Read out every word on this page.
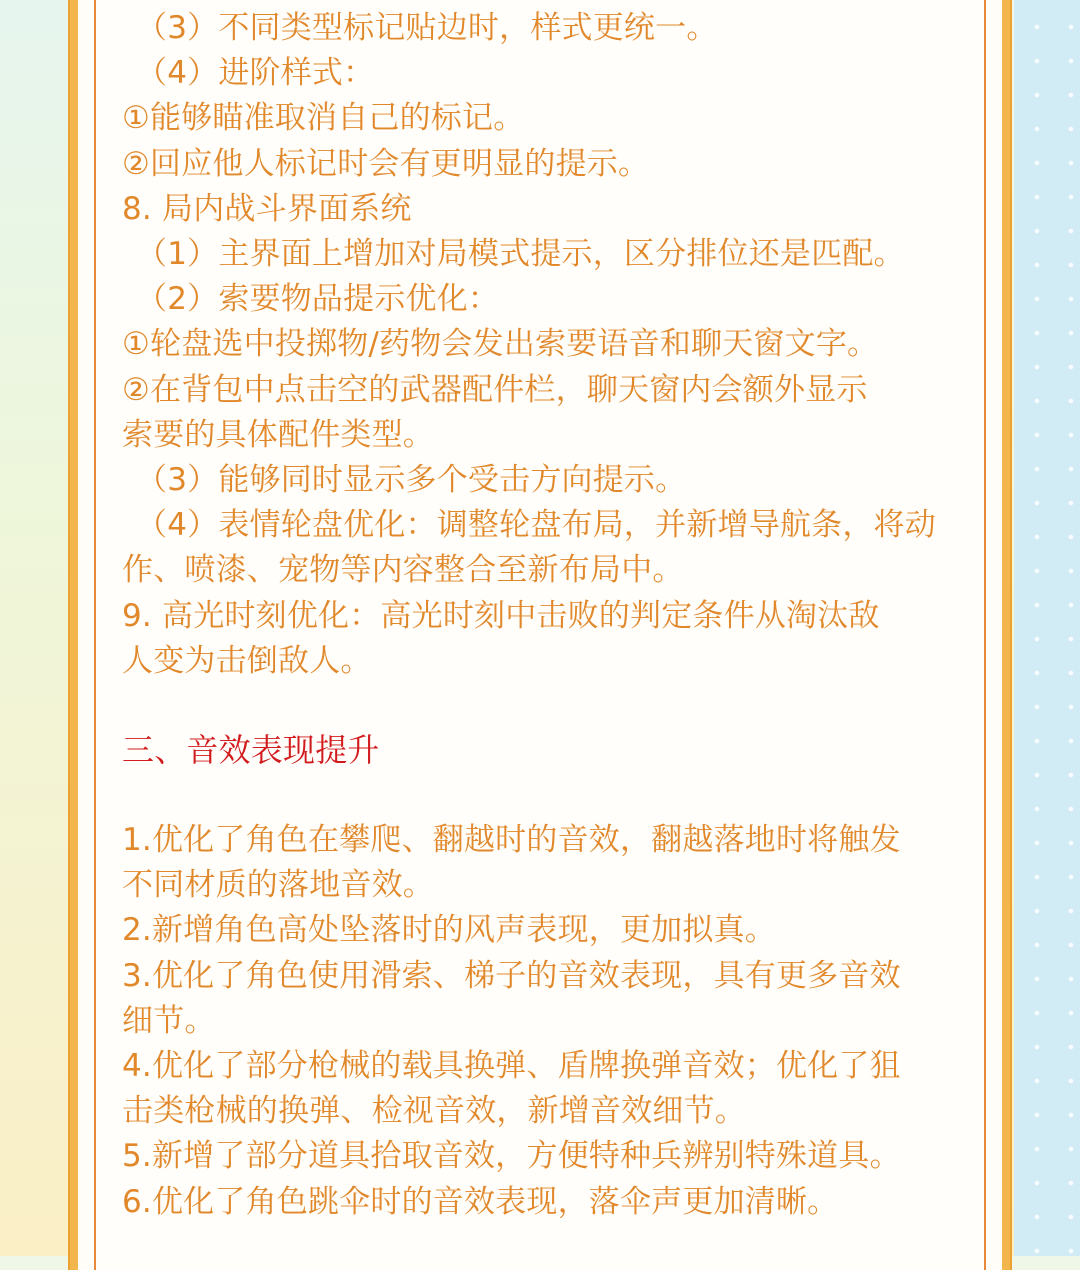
（3）不同类型标记贴边时，样式更统一。
（4）进阶样式：
①能够瞄准取消自己的标记。
②回应他人标记时会有更明显的提示。
8. 局内战斗界面系统
（1）主界面上增加对局模式提示，区分排位还是匹配。
（2）索要物品提示优化：
①轮盘选中投掷物/药物会发出索要语音和聊天窗文字。
②在背包中点击空的武器配件栏，聊天窗内会额外显示
索要的具体配件类型。
（3）能够同时显示多个受击方向提示。
（4）表情轮盘优化：调整轮盘布局，并新增导航条，将动
作、喷漆、宠物等内容整合至新布局中。
9. 高光时刻优化：高光时刻中击败的判定条件从淘汰敌
人变为击倒敌人。
三、音效表现提升
1.优化了角色在攀爬、翻越时的音效，翻越落地时将触发
不同材质的落地音效。
2.新增角色高处坠落时的风声表现，更加拟真。
3.优化了角色使用滑索、梯子的音效表现，具有更多音效
细节。
4.优化了部分枪械的载具换弹、盾牌换弹音效；优化了狙
击类枪械的换弹、检视音效，新增音效细节。
5.新增了部分道具拾取音效，方便特种兵辨别特殊道具。
6.优化了角色跳伞时的音效表现，落伞声更加清晰。
